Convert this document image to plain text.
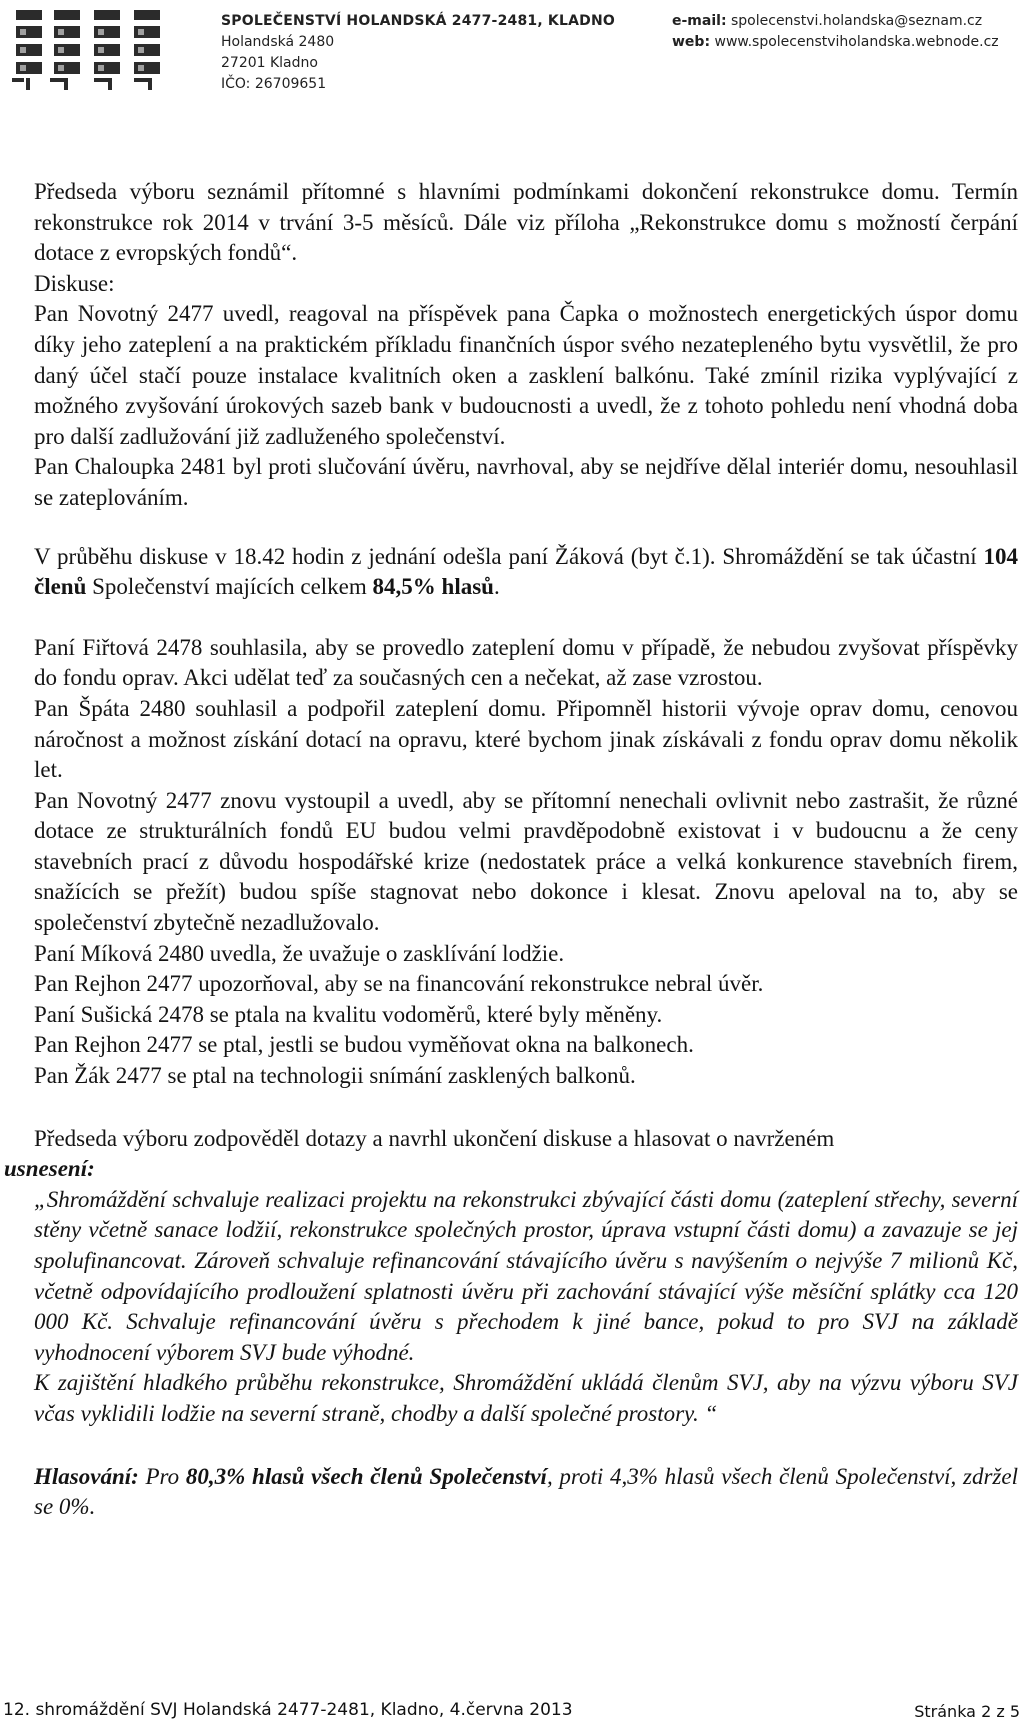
SPOLEČENSTVÍ HOLANDSKÁ 2477-2481, KLADNO
Holandská 2480
27201 Kladno
IČO: 26709651
e-mail: spolecenstvi.holandska@seznam.cz
web: www.spolecenstviholandska.webnode.cz

Předseda výboru seznámil přítomné s hlavními podmínkami dokončení rekonstrukce domu. Termín rekonstrukce rok 2014 v trvání 3-5 měsíců. Dále viz příloha „Rekonstrukce domu s možností čerpání dotace z evropských fondů“.

Diskuse:

Pan Novotný 2477 uvedl, reagoval na příspěvek pana Čapka o možnostech energetických úspor domu díky jeho zateplení a na praktickém příkladu finančních úspor svého nezatepleného bytu vysvětlil, že pro daný účel stačí pouze instalace kvalitních oken a zasklení balkónu. Také zmínil rizika vyplývající z možného zvyšování úrokových sazeb bank v budoucnosti a uvedl, že z tohoto pohledu není vhodná doba pro další zadlužování již zadluženého společenství.

Pan Chaloupka 2481 byl proti slučování úvěru, navrhoval, aby se nejdříve dělal interiér domu, nesouhlasil se zateplováním.

V průběhu diskuse v 18.42 hodin z jednání odešla paní Žáková (byt č.1). Shromáždění se tak účastní 104 členů Společenství majících celkem 84,5% hlasů.

Paní Fiřtová 2478 souhlasila, aby se provedlo zateplení domu v případě, že nebudou zvyšovat příspěvky do fondu oprav. Akci udělat teď za současných cen a nečekat, až zase vzrostou.

Pan Špáta 2480 souhlasil a podpořil zateplení domu. Připomněl historii vývoje oprav domu, cenovou náročnost a možnost získání dotací na opravu, které bychom jinak získávali z fondu oprav domu několik let.

Pan Novotný 2477 znovu vystoupil a uvedl, aby se přítomní nenechali ovlivnit nebo zastrašit, že různé dotace ze strukturálních fondů EU budou velmi pravděpodobně existovat i v budoucnu a že ceny stavebních prací z důvodu hospodářské krize (nedostatek práce a velká konkurence stavebních firem, snažících se přežít) budou spíše stagnovat nebo dokonce i klesat. Znovu apeloval na to, aby se společenství zbytečně nezadlužovalo.

Paní Míková 2480 uvedla, že uvažuje o zasklívání lodžie.

Pan Rejhon 2477 upozorňoval, aby se na financování rekonstrukce nebral úvěr.

Paní Sušická 2478 se ptala na kvalitu vodoměrů, které byly měněny.

Pan Rejhon 2477 se ptal, jestli se budou vyměňovat okna na balkonech.

Pan Žák 2477 se ptal na technologii snímání zasklených balkonů.

Předseda výboru zodpověděl dotazy a navrhl ukončení diskuse a hlasovat o navrženém

usnesení:

„Shromáždění schvaluje realizaci projektu na rekonstrukci zbývající části domu (zateplení střechy, severní stěny včetně sanace lodžií, rekonstrukce společných prostor, úprava vstupní části domu) a zavazuje se jej spolufinancovat. Zároveň schvaluje refinancování stávajícího úvěru s navýšením o nejvýše 7 milionů Kč, včetně odpovídajícího prodloužení splatnosti úvěru při zachování stávající výše měsíční splátky cca 120 000 Kč. Schvaluje refinancování úvěru s přechodem k jiné bance, pokud to pro SVJ na základě vyhodnocení výborem SVJ bude výhodné.

K zajištění hladkého průběhu rekonstrukce, Shromáždění ukládá členům SVJ, aby na výzvu výboru SVJ včas vyklidili lodžie na severní straně, chodby a další společné prostory. “

Hlasování: Pro 80,3% hlasů všech členů Společenství, proti 4,3% hlasů všech členů Společenství, zdržel se 0%.

12. shromáždění SVJ Holandská 2477-2481, Kladno, 4.června 2013	Stránka 2 z 5
